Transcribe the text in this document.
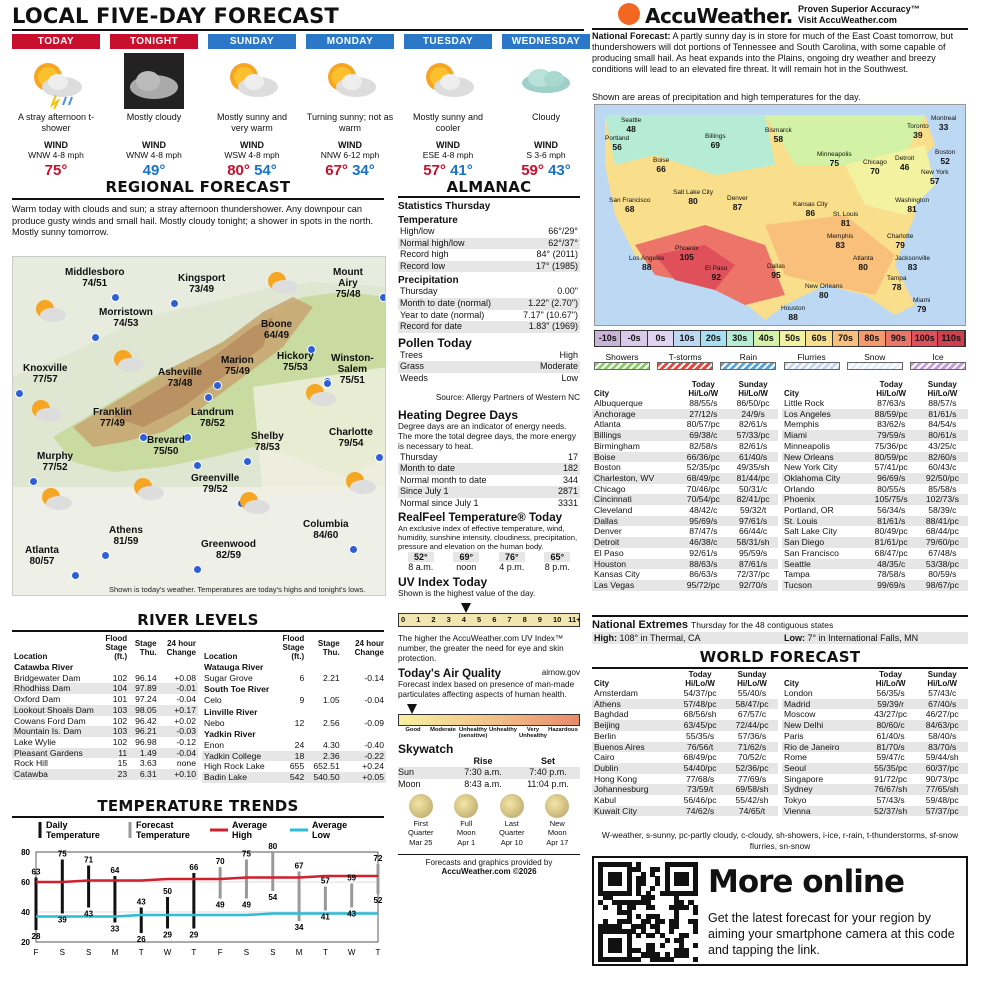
LOCAL FIVE-DAY FORECAST
TODAY
A stray afternoon t-shower
WIND
WNW 4-8 mph
75°
TONIGHT
Mostly cloudy
WIND
WNW 4-8 mph
49°
SUNDAY
Mostly sunny and very warm
WIND
WSW 4-8 mph
80° 54°
MONDAY
Turning sunny; not as warm
WIND
NNW 6-12 mph
67° 34°
TUESDAY
Mostly sunny and cooler
WIND
ESE 4-8 mph
57° 41°
WEDNESDAY
Cloudy
WIND
S 3-6 mph
59° 43°
REGIONAL FORECAST
Warm today with clouds and sun; a stray afternoon thundershower. Any downpour can produce gusty winds and small hail. Mostly cloudy tonight; a shower in spots in the north. Mostly sunny tomorrow.
Middlesboro
74/51	Kingsport
73/49
Mount
Airy
75/48
Morristown
74/53	Boone
64/49
Knoxville
77/57
Asheville
73/48
Marion
75/49
Hickory
75/53
Winston-
Salem
75/51
Franklin
77/49
Landrum
78/52
Brevard
75/50
Shelby
78/53
Charlotte
79/54
Murphy
77/52
Greenville
79/52
Athens
81/59
Columbia
84/60
Greenwood
82/59
Atlanta
80/57
Shown is today's weather. Temperatures are today's highs and tonight's lows.
RIVER LEVELS
Location	Flood Stage (ft.)	Stage Thu.	24 hour Change
Catawba River			
Bridgewater Dam	102	96.14	+0.08
Rhodhiss Dam	104	97.89	-0.01
Oxford Dam	101	97.24	-0.04
Lookout Shoals Dam	103	98.05	+0.17
Cowans Ford Dam	102	96.42	+0.02
Mountain Is. Dam	103	96.21	-0.03
Lake Wylie	102	96.98	-0.12
Pleasant Gardens	11	1.49	-0.04
Rock Hill	15	3.63	none
Catawba	23	6.31	+0.10
Location	Flood Stage (ft.)	Stage Thu.	24 hour Change
Watauga River			
Sugar Grove	6	2.21	-0.14
South Toe River			
Celo	9	1.05	-0.04
Linville River			
Nebo	12	2.56	-0.09
Yadkin River			
Enon	24	4.30	-0.40
Yadkin College	18	2.36	-0.22
High Rock Lake	655	652.51	+0.24
Badin Lake	542	540.50	+0.05
TEMPERATURE TRENDS
Daily
Temperature
Forecast
Temperature
Average
High
Average
Low
20
40
60
80
63
28
F
75
39
S
71
43
S
64
33
M
43
26
T
50
29
W
66
29
T
70
49
F
75
49
S
80
54
S
67
34
M
57
41
T
59
43
W
72
52
T
ALMANAC
Statistics Thursday
Temperature
High/low	66°/29°
Normal high/low	62°/37°
Record high	84° (2011)
Record low	17° (1985)
Precipitation
Thursday	0.00"
Month to date (normal)	1.22" (2.70")
Year to date (normal)	7.17" (10.67")
Record for date	1.83" (1969)
Pollen Today
Trees	High
Grass	Moderate
Weeds	Low
Source: Allergy Partners of Western NC
Heating Degree Days
Degree days are an indicator of energy needs. The more the total degree days, the more energy is necessary to heat.
Thursday	17
Month to date	182
Normal month to date	344
Since July 1	2871
Normal since July 1	3331
RealFeel Temperature® Today
An exclusive index of effective temperature, wind, humidity, sunshine intensity, cloudiness, precipitation, pressure and elevation on the human body.
52°
8 a.m.
69°
noon
76°
4 p.m.
65°
8 p.m.
UV Index Today
Shown is the highest value of the day.
0 1 2 3 4 5 6 7 8 9 10 11+
The higher the AccuWeather.com UV Index™ number, the greater the need for eye and skin protection.
Today's Air Quality	airnow.gov
Forecast index based on presence of man-made particulates affecting aspects of human health.
Good	Moderate Unhealthy (sensitive)
Unhealthy	Very Unhealthy
Hazardous
Skywatch
Rise	Set
Sun	7:30 a.m.	7:40 p.m.
Moon	8:43 a.m.	11:04 p.m.
First
Quarter
Mar 25
Full
Moon
Apr 1
Last
Quarter
Apr 10
New
Moon
Apr 17
Forecasts and graphics provided by
AccuWeather.com ©2026
AccuWeather. Proven Superior Accuracy™
Visit AccuWeather.com
National Forecast: A partly sunny day is in store for much of the East Coast tomorrow, but thundershowers will dot portions of Tennessee and South Carolina, with some capable of producing small hail. As heat expands into the Plains, ongoing dry weather and breezy conditions will lead to an elevated fire threat. It will remain hot in the Southwest.
Shown are areas of precipitation and high temperatures for the day.
Seattle
48
Portland
56
Boise
66
Billings
69
Bismarck
58
Minneapolis
75	Chicago
70
Detroit
46
Toronto
39
Montreal
33
Boston
52
New York
57
Washington
81
Charlotte
79
Atlanta
80
Miami
79
New Orleans
80
Houston
88
Dallas
95
Denver
87
Phoenix
105
Los Angeles
88
San Francisco
68
Salt Lake City
80
El Paso
92
Kansas City
86	St. Louis
81
Tampa
78
Jacksonville
83
Memphis
83
-10s	-0s	0s	10s	20s	30s	40s	50s	60s	70s	80s	90s 100s 110s
Showers	T-storms	Rain	Flurries	Snow	Ice
	Today	Sunday
City	Hi/Lo/W	Hi/Lo/W
Albuquerque	88/55/s	86/50/pc
Anchorage	27/12/s	24/9/s
Atlanta	80/57/pc	82/61/s
Billings	69/38/c	57/33/pc
Birmingham	82/58/s	82/61/s
Boise	66/36/pc	61/40/s
Boston	52/35/pc	49/35/sh
Charleston, WV	68/49/pc	81/44/pc
Chicago	70/46/pc	50/31/c
Cincinnati	70/54/pc	82/41/pc
Cleveland	48/42/c	59/32/t
Dallas	95/69/s	97/61/s
Denver	87/47/s	66/44/c
Detroit	46/38/c	58/31/sh
El Paso	92/61/s	95/59/s
Houston	88/63/s	87/61/s
Kansas City	86/63/s	72/37/pc
Las Vegas	95/72/pc	92/70/s
	Today	Sunday
City	Hi/Lo/W	Hi/Lo/W
Little Rock	87/63/s	88/57/s
Los Angeles	88/59/pc	81/61/s
Memphis	83/62/s	84/54/s
Miami	79/59/s	80/61/s
Minneapolis	75/36/pc	43/25/c
New Orleans	80/59/pc	82/60/s
New York City	57/41/pc	60/43/c
Oklahoma City	96/69/s	92/50/pc
Orlando	80/55/s	85/58/s
Phoenix	105/75/s	102/73/s
Portland, OR	56/34/s	58/39/c
St. Louis	81/61/s	88/41/pc
Salt Lake City	80/49/pc	68/44/pc
San Diego	81/61/pc	79/60/pc
San Francisco	68/47/pc	67/48/s
Seattle	48/35/c	53/38/pc
Tampa	78/58/s	80/59/s
Tucson	99/69/s	98/67/pc
National Extremes Thursday for the 48 contiguous states
High: 108° in Thermal, CA	Low: 7° in International Falls, MN
WORLD FORECAST
	Today	Sunday
City	Hi/Lo/W	Hi/Lo/W
Amsterdam	54/37/pc	55/40/s
Athens	57/48/pc	58/47/pc
Baghdad	68/56/sh	67/57/c
Beijing	63/45/pc	72/44/pc
Berlin	55/35/s	57/36/s
Buenos Aires	76/56/t	71/62/s
Cairo	68/49/pc	70/52/c
Dublin	54/40/pc	52/36/pc
Hong Kong	77/68/s	77/69/s
Johannesburg	73/59/t	69/58/sh
Kabul	56/46/pc	55/42/sh
Kuwait City	74/62/s	74/65/t
	Today	Sunday
City	Hi/Lo/W	Hi/Lo/W
London	56/35/s	57/43/c
Madrid	59/39/r	67/40/s
Moscow	43/27/pc	46/27/pc
New Delhi	80/60/c	84/63/pc
Paris	61/40/s	58/40/s
Rio de Janeiro	81/70/s	83/70/s
Rome	59/47/c	59/44/sh
Seoul	55/35/pc	60/37/pc
Singapore	91/72/pc	90/73/pc
Sydney	76/67/sh	77/65/sh
Tokyo	57/43/s	59/48/pc
Vienna	52/37/sh	57/37/pc
W-weather, s-sunny, pc-partly cloudy, c-cloudy, sh-showers, i-ice, r-rain, t-thunderstorms, sf-snow flurries, sn-snow
More online
Get the latest forecast for your region by aiming your smartphone camera at this code and tapping the link.
